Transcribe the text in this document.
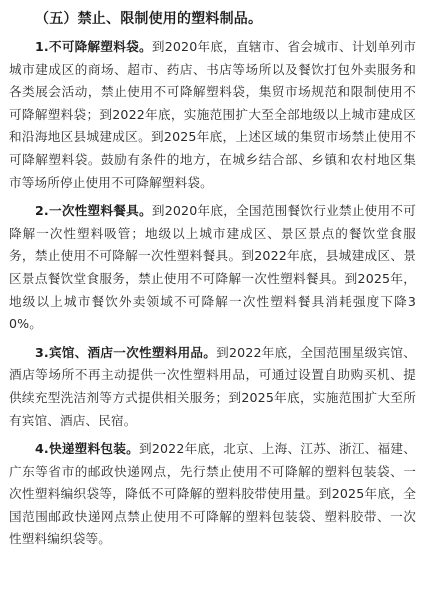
（五）禁止、限制使用的塑料制品。

1.不可降解塑料袋。到2020年底，直辖市、省会城市、计划单列市城市建成区的商场、超市、药店、书店等场所以及餐饮打包外卖服务和各类展会活动，禁止使用不可降解塑料袋，集贸市场规范和限制使用不可降解塑料袋；到2022年底，实施范围扩大至全部地级以上城市建成区和沿海地区县城建成区。到2025年底，上述区域的集贸市场禁止使用不可降解塑料袋。鼓励有条件的地方，在城乡结合部、乡镇和农村地区集市等场所停止使用不可降解塑料袋。

2.一次性塑料餐具。到2020年底，全国范围餐饮行业禁止使用不可降解一次性塑料吸管；地级以上城市建成区、景区景点的餐饮堂食服务，禁止使用不可降解一次性塑料餐具。到2022年底，县城建成区、景区景点餐饮堂食服务，禁止使用不可降解一次性塑料餐具。到2025年，地级以上城市餐饮外卖领域不可降解一次性塑料餐具消耗强度下降30%。

3.宾馆、酒店一次性塑料用品。到2022年底，全国范围星级宾馆、酒店等场所不再主动提供一次性塑料用品，可通过设置自助购买机、提供续充型洗洁剂等方式提供相关服务；到2025年底，实施范围扩大至所有宾馆、酒店、民宿。

4.快递塑料包装。到2022年底，北京、上海、江苏、浙江、福建、广东等省市的邮政快递网点，先行禁止使用不可降解的塑料包装袋、一次性塑料编织袋等，降低不可降解的塑料胶带使用量。到2025年底，全国范围邮政快递网点禁止使用不可降解的塑料包装袋、塑料胶带、一次性塑料编织袋等。
